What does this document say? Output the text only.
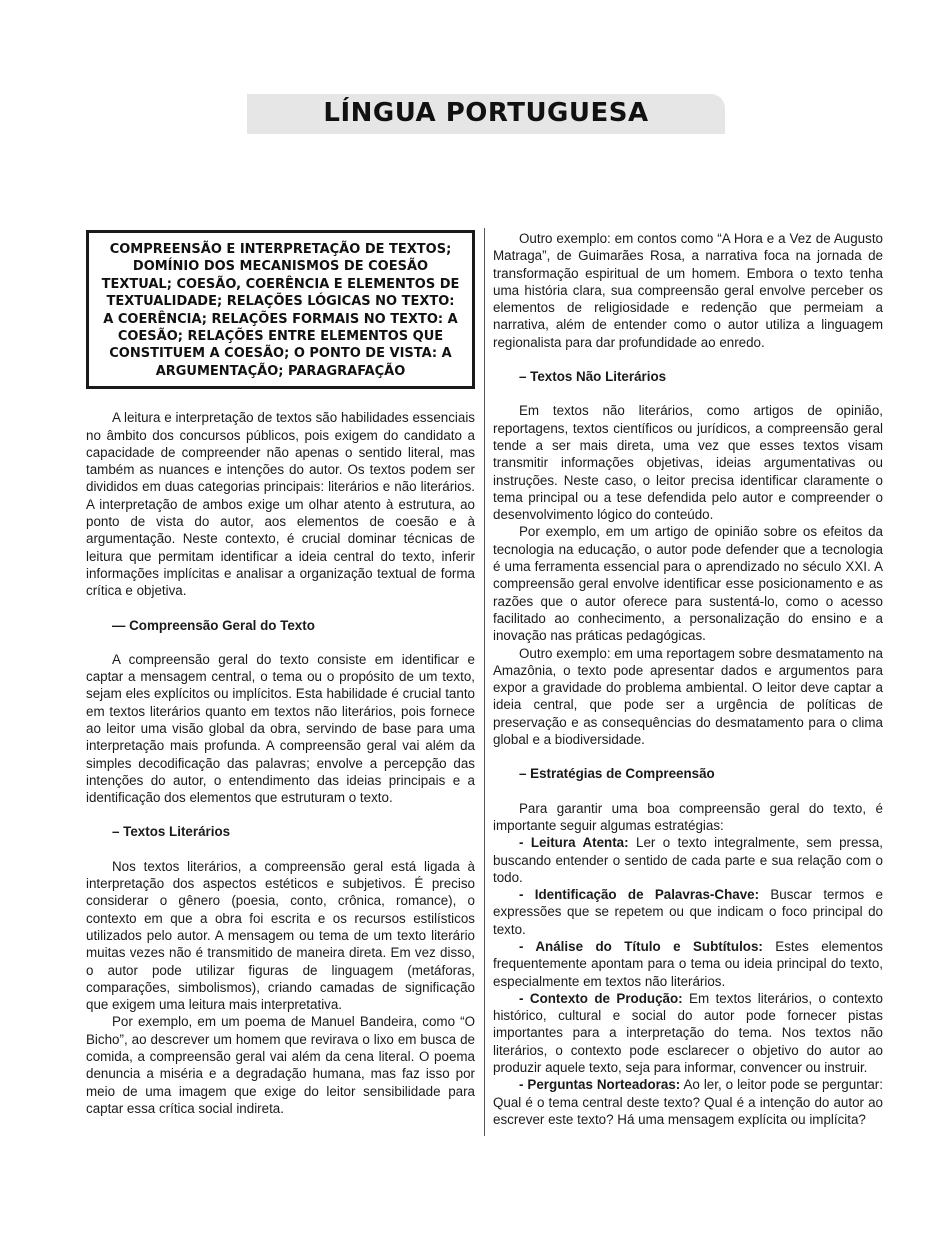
LÍNGUA PORTUGUESA
COMPREENSÃO E INTERPRETAÇÃO DE TEXTOS; DOMÍNIO DOS MECANISMOS DE COESÃO TEXTUAL; COESÃO, COERÊNCIA E ELEMENTOS DE TEXTUALIDADE; RELAÇÕES LÓGICAS NO TEXTO: A COERÊNCIA; RELAÇÕES FORMAIS NO TEXTO: A COESÃO; RELAÇÕES ENTRE ELEMENTOS QUE CONSTITUEM A COESÃO; O PONTO DE VISTA: A ARGUMENTAÇÃO; PARAGRAFAÇÃO

A leitura e interpretação de textos são habilidades essenciais no âmbito dos concursos públicos, pois exigem do candidato a capacidade de compreender não apenas o sentido literal, mas também as nuances e intenções do autor. Os textos podem ser divididos em duas categorias principais: literários e não literários. A interpretação de ambos exige um olhar atento à estrutura, ao ponto de vista do autor, aos elementos de coesão e à argumentação. Neste contexto, é crucial dominar técnicas de leitura que permitam identificar a ideia central do texto, inferir informações implícitas e analisar a organização textual de forma crítica e objetiva.

— Compreensão Geral do Texto

A compreensão geral do texto consiste em identificar e captar a mensagem central, o tema ou o propósito de um texto, sejam eles explícitos ou implícitos. Esta habilidade é crucial tanto em textos literários quanto em textos não literários, pois fornece ao leitor uma visão global da obra, servindo de base para uma interpretação mais profunda. A compreensão geral vai além da simples decodificação das palavras; envolve a percepção das intenções do autor, o entendimento das ideias principais e a identificação dos elementos que estruturam o texto.

– Textos Literários

Nos textos literários, a compreensão geral está ligada à interpretação dos aspectos estéticos e subjetivos. É preciso considerar o gênero (poesia, conto, crônica, romance), o contexto em que a obra foi escrita e os recursos estilísticos utilizados pelo autor. A mensagem ou tema de um texto literário muitas vezes não é transmitido de maneira direta. Em vez disso, o autor pode utilizar figuras de linguagem (metáforas, comparações, simbolismos), criando camadas de significação que exigem uma leitura mais interpretativa.

Por exemplo, em um poema de Manuel Bandeira, como “O Bicho”, ao descrever um homem que revirava o lixo em busca de comida, a compreensão geral vai além da cena literal. O poema denuncia a miséria e a degradação humana, mas faz isso por meio de uma imagem que exige do leitor sensibilidade para captar essa crítica social indireta.

Outro exemplo: em contos como “A Hora e a Vez de Augusto Matraga”, de Guimarães Rosa, a narrativa foca na jornada de transformação espiritual de um homem. Embora o texto tenha uma história clara, sua compreensão geral envolve perceber os elementos de religiosidade e redenção que permeiam a narrativa, além de entender como o autor utiliza a linguagem regionalista para dar profundidade ao enredo.

– Textos Não Literários

Em textos não literários, como artigos de opinião, reportagens, textos científicos ou jurídicos, a compreensão geral tende a ser mais direta, uma vez que esses textos visam transmitir informações objetivas, ideias argumentativas ou instruções. Neste caso, o leitor precisa identificar claramente o tema principal ou a tese defendida pelo autor e compreender o desenvolvimento lógico do conteúdo.

Por exemplo, em um artigo de opinião sobre os efeitos da tecnologia na educação, o autor pode defender que a tecnologia é uma ferramenta essencial para o aprendizado no século XXI. A compreensão geral envolve identificar esse posicionamento e as razões que o autor oferece para sustentá-lo, como o acesso facilitado ao conhecimento, a personalização do ensino e a inovação nas práticas pedagógicas.

Outro exemplo: em uma reportagem sobre desmatamento na Amazônia, o texto pode apresentar dados e argumentos para expor a gravidade do problema ambiental. O leitor deve captar a ideia central, que pode ser a urgência de políticas de preservação e as consequências do desmatamento para o clima global e a biodiversidade.

– Estratégias de Compreensão

Para garantir uma boa compreensão geral do texto, é importante seguir algumas estratégias:

- Leitura Atenta: Ler o texto integralmente, sem pressa, buscando entender o sentido de cada parte e sua relação com o todo.

- Identificação de Palavras-Chave: Buscar termos e expressões que se repetem ou que indicam o foco principal do texto.

- Análise do Título e Subtítulos: Estes elementos frequentemente apontam para o tema ou ideia principal do texto, especialmente em textos não literários.

- Contexto de Produção: Em textos literários, o contexto histórico, cultural e social do autor pode fornecer pistas importantes para a interpretação do tema. Nos textos não literários, o contexto pode esclarecer o objetivo do autor ao produzir aquele texto, seja para informar, convencer ou instruir.

- Perguntas Norteadoras: Ao ler, o leitor pode se perguntar: Qual é o tema central deste texto? Qual é a intenção do autor ao escrever este texto? Há uma mensagem explícita ou implícita?
